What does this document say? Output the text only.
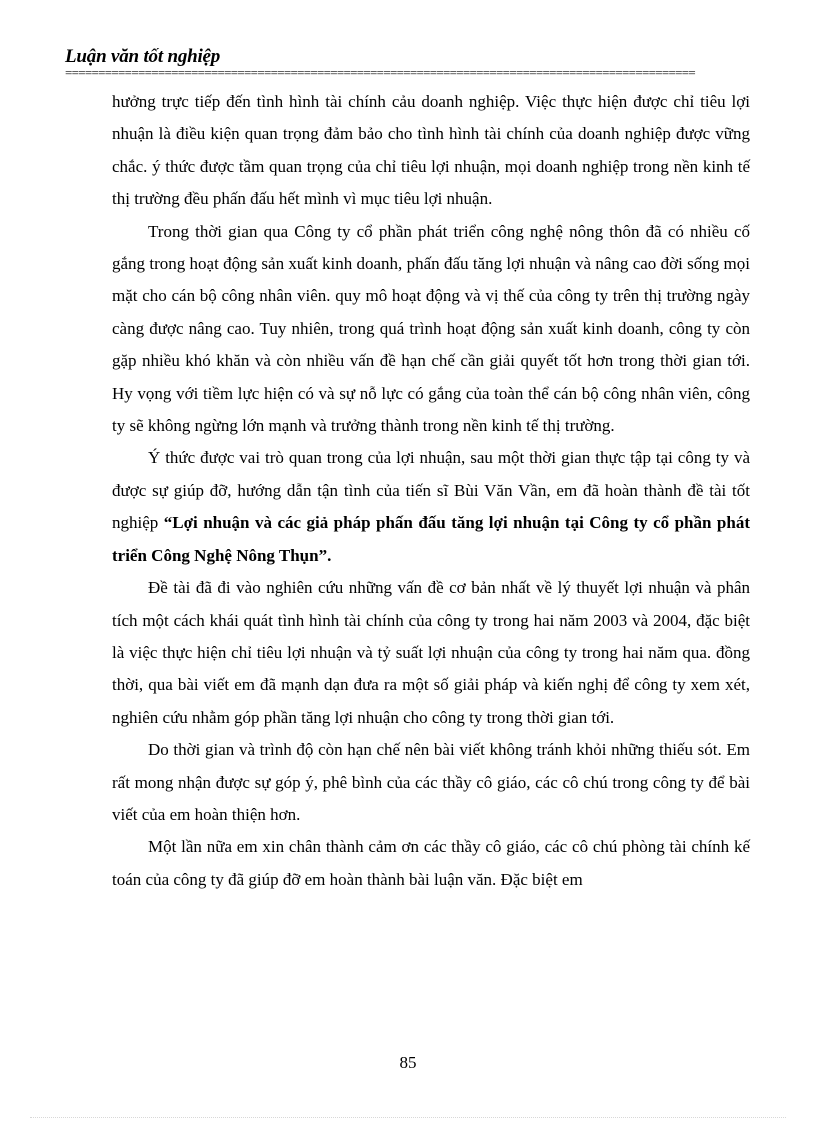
Luận văn tốt nghiệp
===============================================================================================

hưởng trực tiếp đến tình hình tài chính cảu doanh nghiệp. Việc thực hiện được chỉ tiêu lợi nhuận là điều kiện quan trọng đảm bảo cho tình hình tài chính của doanh nghiệp được vững chắc. ý thức được tầm quan trọng của chỉ tiêu lợi nhuận, mọi doanh nghiệp trong nền kinh tế thị trường đều phấn đấu hết mình vì mục tiêu lợi nhuận.

Trong thời gian qua Công ty cổ phần phát triển công nghệ nông thôn đã có nhiều cố gắng trong hoạt động sản xuất kinh doanh, phấn đấu tăng lợi nhuận và nâng cao đời sống mọi mặt cho cán bộ công nhân viên. quy mô hoạt động và vị thế của công ty trên thị trường ngày càng được nâng cao. Tuy nhiên, trong quá trình hoạt động sản xuất kinh doanh, công ty còn gặp nhiều khó khăn và còn nhiều vấn đề hạn chế cần giải quyết tốt hơn trong thời gian tới. Hy vọng với tiềm lực hiện có và sự nỗ lực có gắng của toàn thể cán bộ công nhân viên, công ty sẽ không ngừng lớn mạnh và trưởng thành trong nền kinh tế thị trường.

Ý thức được vai trò quan trong của lợi nhuận, sau một thời gian thực tập tại công ty và được sự giúp đỡ, hướng dẫn tận tình của tiến sĩ Bùi Văn Vần, em đã hoàn thành đề tài tốt nghiệp “Lợi nhuận và các giả pháp phấn đấu tăng lợi nhuận tại Công ty cổ phần phát triển Công Nghệ Nông Thụn”.

Đề tài đã đi vào nghiên cứu những vấn đề cơ bản nhất về lý thuyết lợi nhuận và phân tích một cách khái quát tình hình tài chính của công ty trong hai năm 2003 và 2004, đặc biệt là việc thực hiện chỉ tiêu lợi nhuận và tỷ suất lợi nhuận của công ty trong hai năm qua. đồng thời, qua bài viết em đã mạnh dạn đưa ra một số giải pháp và kiến nghị để công ty xem xét, nghiên cứu nhằm góp phần tăng lợi nhuận cho công ty trong thời gian tới.

Do thời gian và trình độ còn hạn chế nên bài viết không tránh khỏi những thiếu sót. Em rất mong nhận được sự góp ý, phê bình của các thầy cô giáo, các cô chú trong công ty để bài viết của em hoàn thiện hơn.

Một lần nữa em xin chân thành cảm ơn các thầy cô giáo, các cô chú phòng tài chính kế toán của công ty đã giúp đỡ em hoàn thành bài luận văn. Đặc biệt em

85
